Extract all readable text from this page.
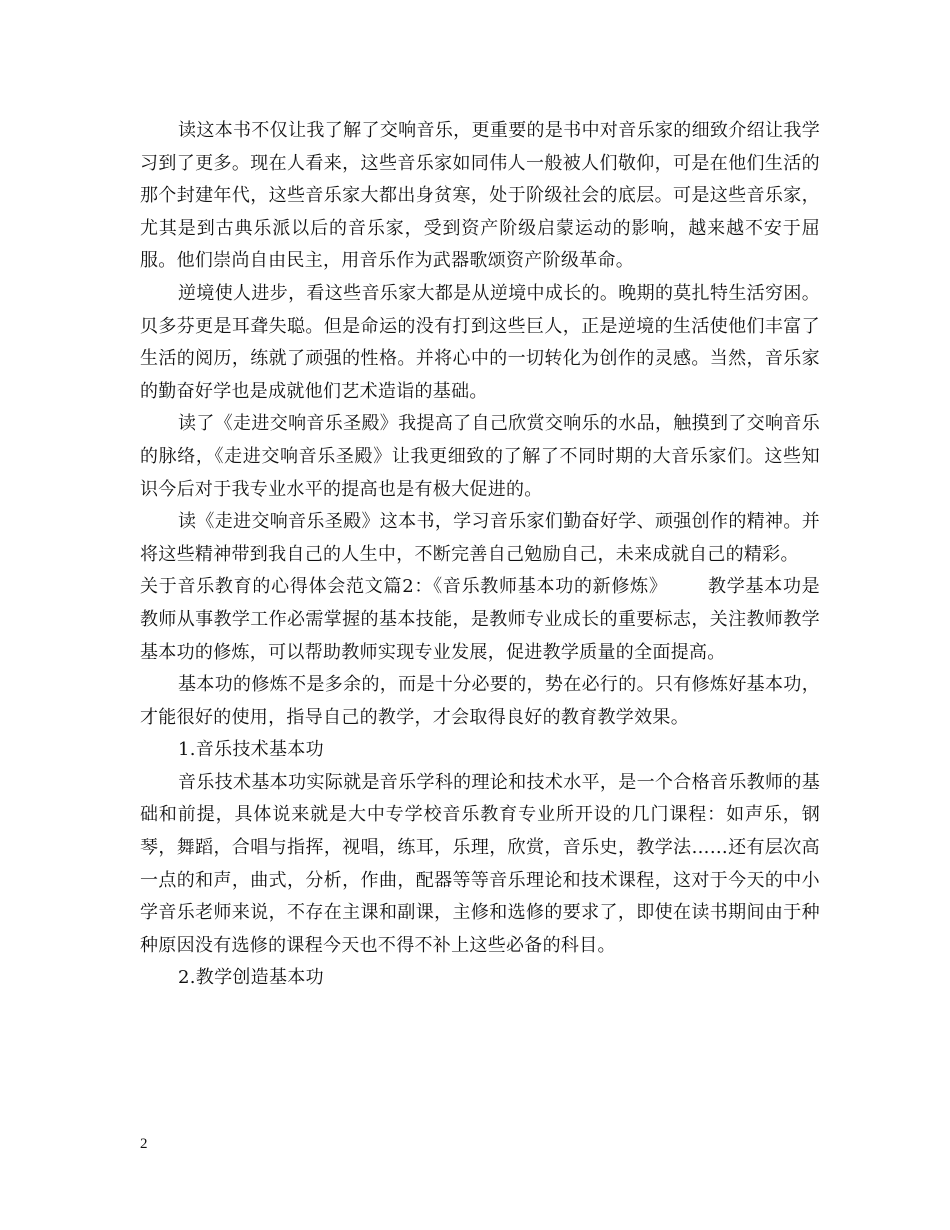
读这本书不仅让我了解了交响音乐，更重要的是书中对音乐家的细致介绍让我学习到了更多。现在人看来，这些音乐家如同伟人一般被人们敬仰，可是在他们生活的那个封建年代，这些音乐家大都出身贫寒，处于阶级社会的底层。可是这些音乐家，尤其是到古典乐派以后的音乐家，受到资产阶级启蒙运动的影响，越来越不安于屈服。他们崇尚自由民主，用音乐作为武器歌颂资产阶级革命。

逆境使人进步，看这些音乐家大都是从逆境中成长的。晚期的莫扎特生活穷困。贝多芬更是耳聋失聪。但是命运的没有打到这些巨人，正是逆境的生活使他们丰富了生活的阅历，练就了顽强的性格。并将心中的一切转化为创作的灵感。当然，音乐家的勤奋好学也是成就他们艺术造诣的基础。

读了《走进交响音乐圣殿》我提高了自己欣赏交响乐的水品，触摸到了交响音乐的脉络，《走进交响音乐圣殿》让我更细致的了解了不同时期的大音乐家们。这些知识今后对于我专业水平的提高也是有极大促进的。

读《走进交响音乐圣殿》这本书，学习音乐家们勤奋好学、顽强创作的精神。并将这些精神带到我自己的人生中，不断完善自己勉励自己，未来成就自己的精彩。

关于音乐教育的心得体会范文篇2：《音乐教师基本功的新修炼》 教学基本功是教师从事教学工作必需掌握的基本技能，是教师专业成长的重要标志，关注教师教学基本功的修炼，可以帮助教师实现专业发展，促进教学质量的全面提高。

基本功的修炼不是多余的，而是十分必要的，势在必行的。只有修炼好基本功，才能很好的使用，指导自己的教学，才会取得良好的教育教学效果。

1.音乐技术基本功

音乐技术基本功实际就是音乐学科的理论和技术水平，是一个合格音乐教师的基础和前提，具体说来就是大中专学校音乐教育专业所开设的几门课程：如声乐，钢琴，舞蹈，合唱与指挥，视唱，练耳，乐理，欣赏，音乐史，教学法……还有层次高一点的和声，曲式，分析，作曲，配器等等音乐理论和技术课程，这对于今天的中小学音乐老师来说，不存在主课和副课，主修和选修的要求了，即使在读书期间由于种种原因没有选修的课程今天也不得不补上这些必备的科目。

2.教学创造基本功

2
